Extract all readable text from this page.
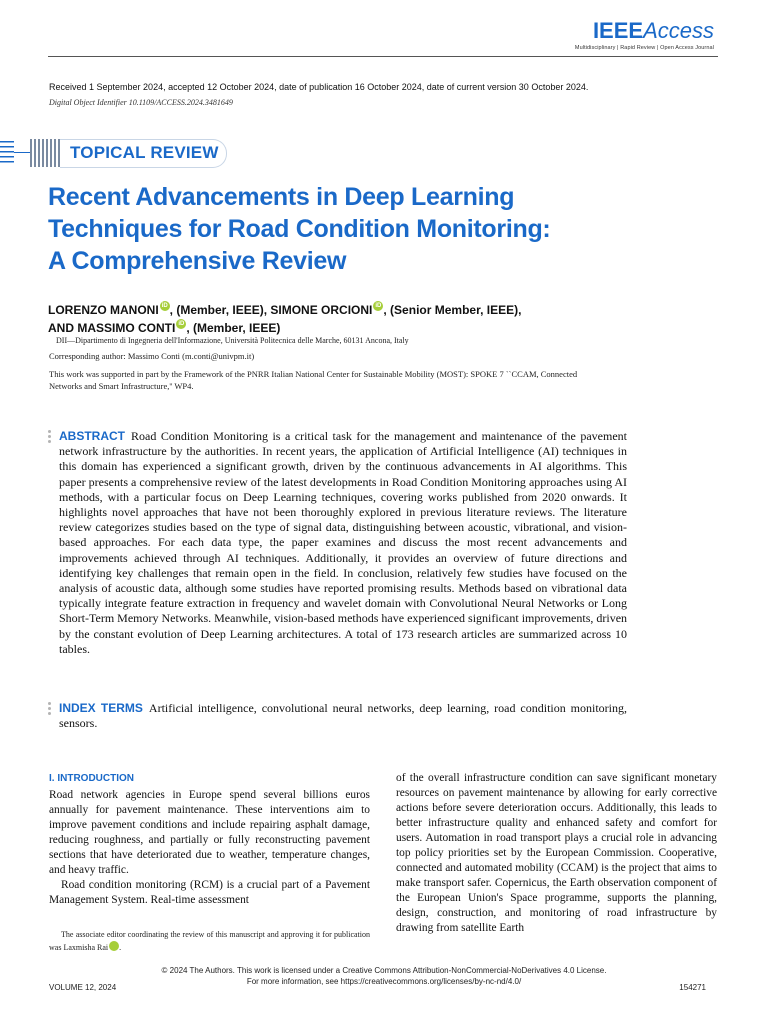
IEEEAccess
Multidisciplinary | Rapid Review | Open Access Journal
Received 1 September 2024, accepted 12 October 2024, date of publication 16 October 2024, date of current version 30 October 2024.
Digital Object Identifier 10.1109/ACCESS.2024.3481649
TOPICAL REVIEW
Recent Advancements in Deep Learning
Techniques for Road Condition Monitoring:
A Comprehensive Review
LORENZO MANONI iD , (Member, IEEE), SIMONE ORCIONI iD , (Senior Member, IEEE),
AND MASSIMO CONTI iD , (Member, IEEE)
DII—Dipartimento di Ingegneria dell'Informazione, Università Politecnica delle Marche, 60131 Ancona, Italy
Corresponding author: Massimo Conti (m.conti@univpm.it)
This work was supported in part by the Framework of the PNRR Italian National Center for Sustainable Mobility (MOST): SPOKE 7 ``CCAM, Connected Networks and Smart Infrastructure,'' WP4.
ABSTRACT Road Condition Monitoring is a critical task for the management and maintenance of the pavement network infrastructure by the authorities. In recent years, the application of Artificial Intelligence (AI) techniques in this domain has experienced a significant growth, driven by the continuous advancements in AI algorithms. This paper presents a comprehensive review of the latest developments in Road Condition Monitoring approaches using AI methods, with a particular focus on Deep Learning techniques, covering works published from 2020 onwards. It highlights novel approaches that have not been thoroughly explored in previous literature reviews. The literature review categorizes studies based on the type of signal data, distinguishing between acoustic, vibrational, and vision-based approaches. For each data type, the paper examines and discuss the most recent advancements and improvements achieved through AI techniques. Additionally, it provides an overview of future directions and identifying key challenges that remain open in the field. In conclusion, relatively few studies have focused on the analysis of acoustic data, although some studies have reported promising results. Methods based on vibrational data typically integrate feature extraction in frequency and wavelet domain with Convolutional Neural Networks or Long Short-Term Memory Networks. Meanwhile, vision-based methods have experienced significant improvements, driven by the constant evolution of Deep Learning architectures. A total of 173 research articles are summarized across 10 tables.
INDEX TERMS Artificial intelligence, convolutional neural networks, deep learning, road condition monitoring, sensors.
I. INTRODUCTION

Road network agencies in Europe spend several billions euros annually for pavement maintenance. These interventions aim to improve pavement conditions and include repairing asphalt damage, reducing roughness, and partially or fully reconstructing pavement sections that have deteriorated due to weather, temperature changes, and heavy traffic.

Road condition monitoring (RCM) is a crucial part of a Pavement Management System. Real-time assessment

The associate editor coordinating the review of this manuscript and approving it for publication was Laxmisha Rai iD.

of the overall infrastructure condition can save significant monetary resources on pavement maintenance by allowing for early corrective actions before severe deterioration occurs. Additionally, this leads to better infrastructure quality and enhanced safety and comfort for users. Automation in road transport plays a crucial role in advancing top policy priorities set by the European Commission. Cooperative, connected and automated mobility (CCAM) is the project that aims to make transport safer. Copernicus, the Earth observation component of the European Union's Space programme, supports the planning, design, construction, and monitoring of road infrastructure by drawing from satellite Earth

© 2024 The Authors. This work is licensed under a Creative Commons Attribution-NonCommercial-NoDerivatives 4.0 License.
For more information, see https://creativecommons.org/licenses/by-nc-nd/4.0/
VOLUME 12, 2024	154271
